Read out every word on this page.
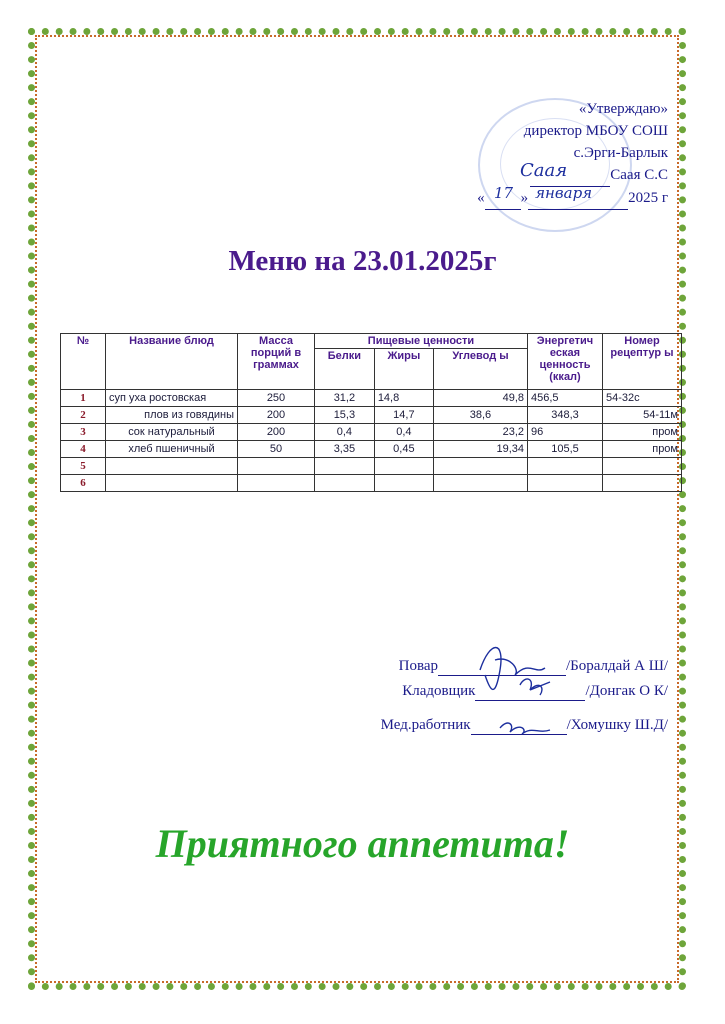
«Утверждаю»
директор МБОУ СОШ
с.Эрги-Барлык
Саая С.С
« »	2025 г
Саая
17 января
Меню на 23.01.2025г
№	Название блюд	Масса порций в граммах	Пищевые ценности			Энергетич еская ценность (ккал)	Номер рецептур ы
			Белки	Жиры	Углевод ы		
1	суп уха ростовская	250	31,2	14,8	49,8	456,5	54-32с
2	плов из говядины	200	15,3	14,7	38,6	348,3	54-11м
3	сок натуральный	200	0,4	0,4	23,2	96	пром
4	хлеб пшеничный	50	3,35	0,45	19,34	105,5	пром
5							
6							
Повар	/Боралдай А Ш/
Кладовщик	/Донгак О К/
Мед.работник	/Хомушку Ш.Д/
Приятного аппетита!
